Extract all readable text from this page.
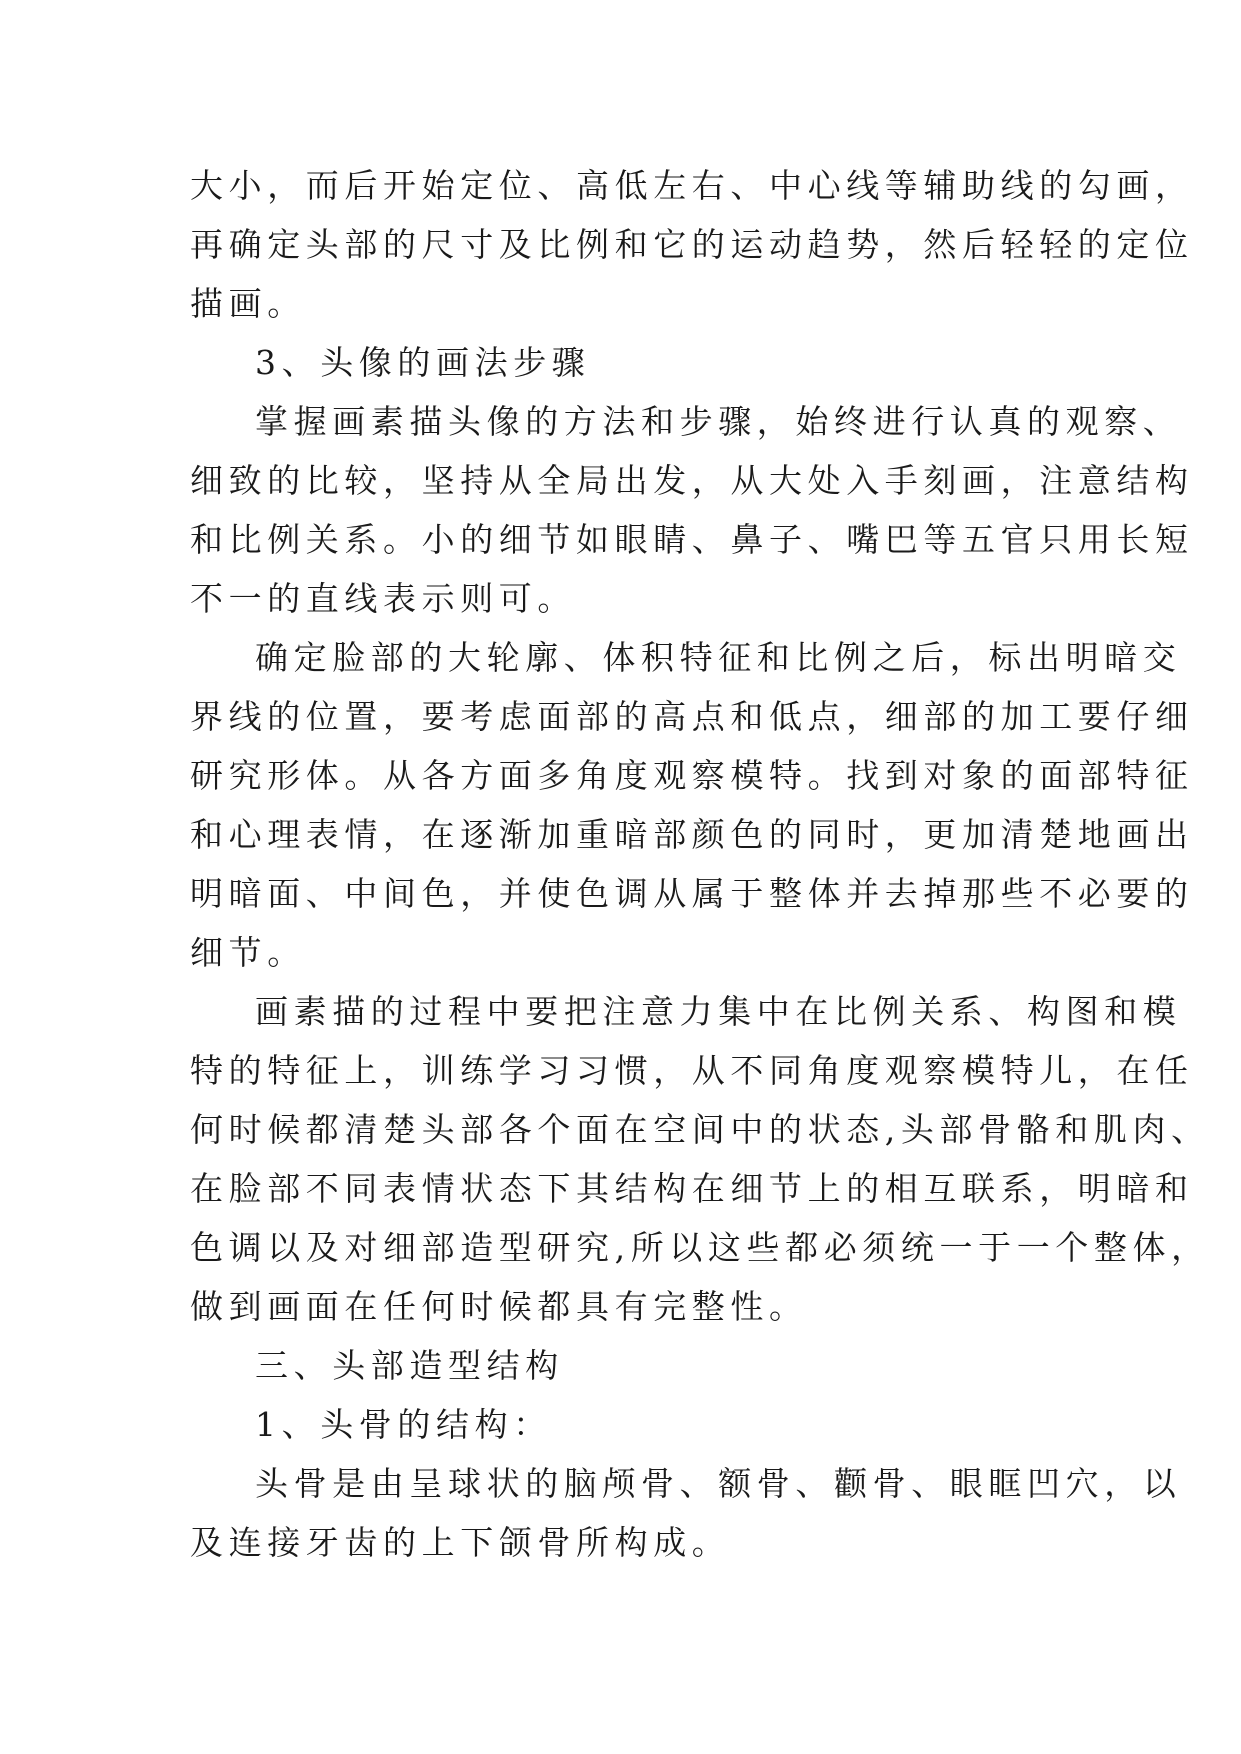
大小，而后开始定位、高低左右、中心线等辅助线的勾画，
再确定头部的尺寸及比例和它的运动趋势，然后轻轻的定位
描画。
3、头像的画法步骤
掌握画素描头像的方法和步骤，始终进行认真的观察、
细致的比较，坚持从全局出发，从大处入手刻画，注意结构
和比例关系。小的细节如眼睛、鼻子、嘴巴等五官只用长短
不一的直线表示则可。
确定脸部的大轮廓、体积特征和比例之后，标出明暗交
界线的位置，要考虑面部的高点和低点，细部的加工要仔细
研究形体。从各方面多角度观察模特。找到对象的面部特征
和心理表情，在逐渐加重暗部颜色的同时，更加清楚地画出
明暗面、中间色，并使色调从属于整体并去掉那些不必要的
细节。
画素描的过程中要把注意力集中在比例关系、构图和模
特的特征上，训练学习习惯，从不同角度观察模特儿，在任
何时候都清楚头部各个面在空间中的状态,头部骨骼和肌肉、
在脸部不同表情状态下其结构在细节上的相互联系，明暗和
色调以及对细部造型研究,所以这些都必须统一于一个整体，
做到画面在任何时候都具有完整性。
三、头部造型结构
1、头骨的结构：
头骨是由呈球状的脑颅骨、额骨、颧骨、眼眶凹穴，以
及连接牙齿的上下颌骨所构成。
